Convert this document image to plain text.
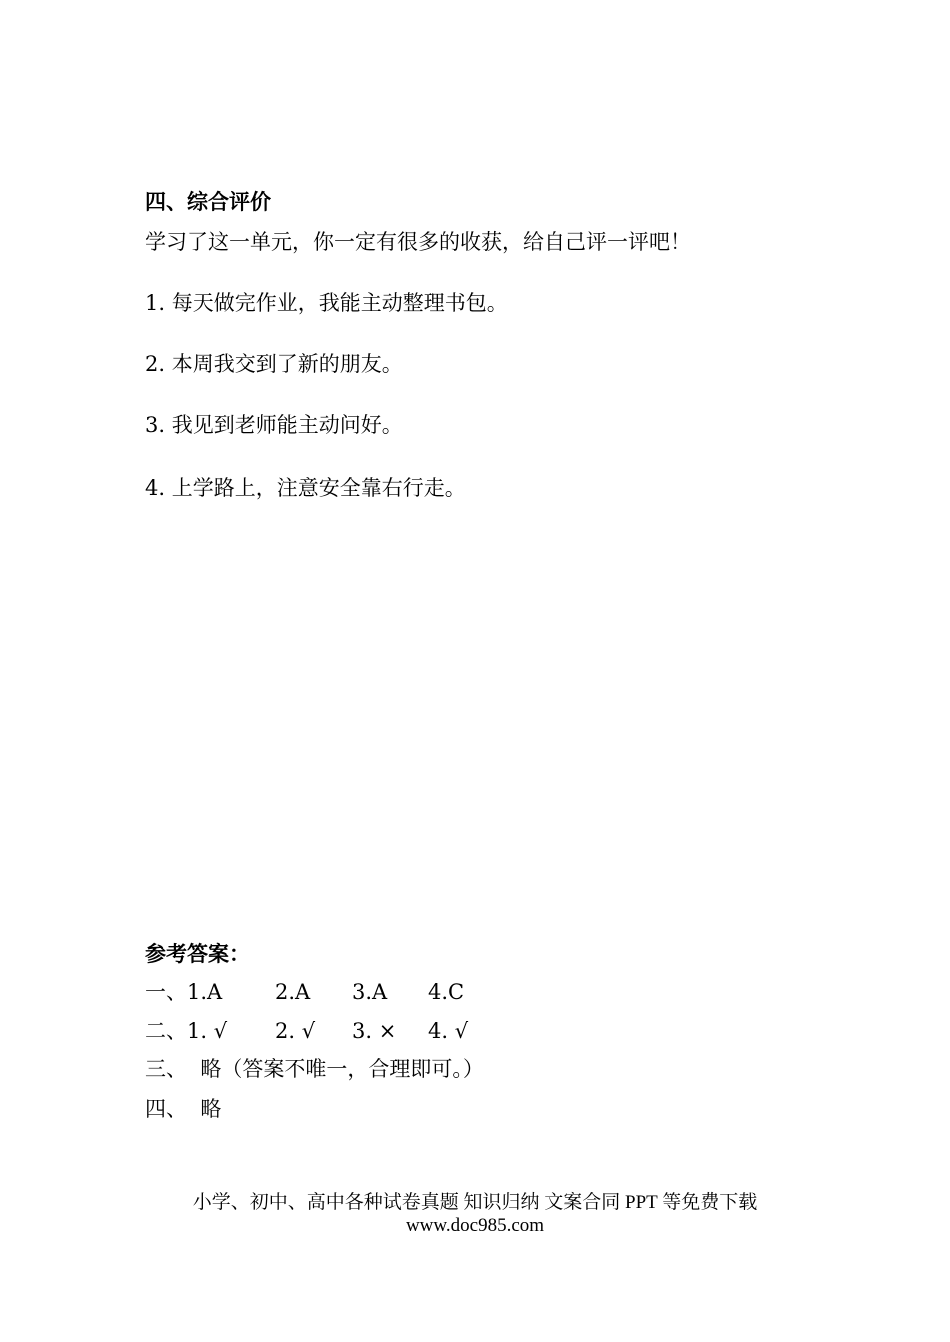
四、综合评价
学习了这一单元，你一定有很多的收获，给自己评一评吧！
1. 每天做完作业，我能主动整理书包。
2. 本周我交到了新的朋友。
3. 我见到老师能主动问好。
4. 上学路上，注意安全靠右行走。
参考答案：

一、

1.A

	2.A

3.A

4.C

二、

1. √

2. √

3. ×

4. √

三、  略（答案不唯一，合理即可。）
四、  略
小学、初中、高中各种试卷真题 知识归纳 文案合同 PPT 等免费下载
www.doc985.com
